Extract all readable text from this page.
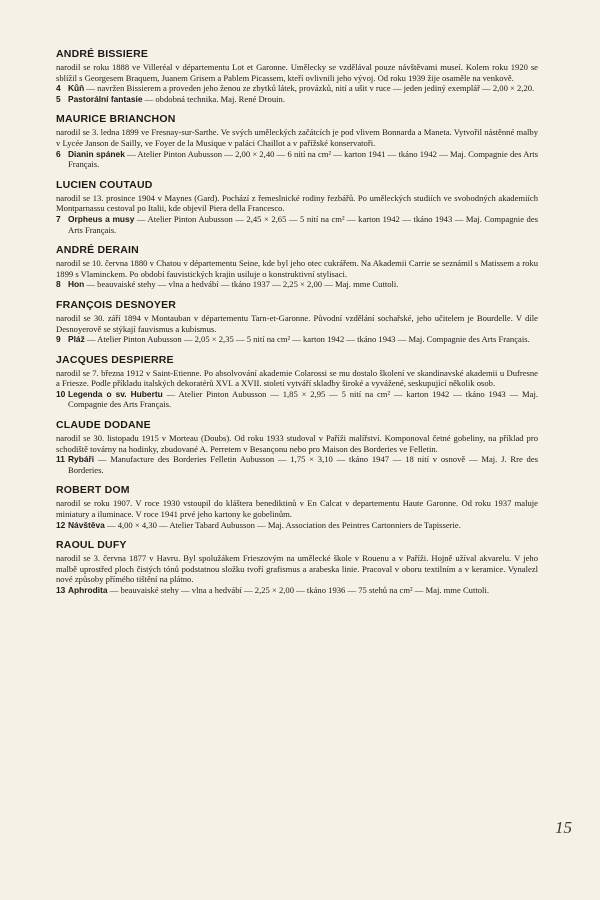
ANDRÉ BISSIERE

narodil se roku 1888 ve Villeréal v départementu Lot et Garonne. Umělecky se vzdělával pouze návštěvami museí. Kolem roku 1920 se sblížil s Georgesem Braquem, Juanem Grisem a Pablem Picassem, kteří ovlivnili jeho vývoj. Od roku 1939 žije osaměle na venkově.

4 Kůň — navržen Bissierem a proveden jeho ženou ze zbytků látek, provázků, nití a ušit v ruce — jeden jediný exemplář — 2,00 × 2,20.
5 Pastorální fantasie — obdobná technika. Maj. René Drouin.
MAURICE BRIANCHON

narodil se 3. ledna 1899 ve Fresnay-sur-Sarthe. Ve svých uměleckých začátcích je pod vlivem Bonnarda a Maneta. Vytvořil nástěnné malby v Lycée Janson de Sailly, ve Foyer de la Musique v paláci Chaillot a v pařížské konservatoři.

6 Dianin spánek — Atelier Pinton Aubusson — 2,00 × 2,40 — 6 nití na cm² — karton 1941 — tkáno 1942 — Maj. Compagnie des Arts Français.
LUCIEN COUTAUD

narodil se 13. prosince 1904 v Maynes (Gard). Pochází z řemeslnické rodiny řezbářů. Po uměleckých studiích ve svobodných akademiích Montparnassu cestoval po Italii, kde objevil Piera della Francesco.

7 Orpheus a musy — Atelier Pinton Aubusson — 2,45 × 2,65 — 5 nití na cm² — karton 1942 — tkáno 1943 — Maj. Compagnie des Arts Français.
ANDRÉ DERAIN

narodil se 10. června 1880 v Chatou v départementu Seine, kde byl jeho otec cukrářem. Na Akademii Carrie se seznámil s Matissem a roku 1899 s Vlaminckem. Po období fauvistických krajin usiluje o konstruktivní stylisaci.

8 Hon — beauvaiské stehy — vlna a hedvábí — tkáno 1937 — 2,25 × 2,00 — Maj. mme Cuttoli.
FRANÇOIS DESNOYER

narodil se 30. září 1894 v Montauban v départementu Tarn-et-Garonne. Původní vzdělání sochařské, jeho učitelem je Bourdelle. V díle Desnoyerově se stýkají fauvismus a kubismus.

9 Pláž — Atelier Pinton Aubusson — 2,05 × 2,35 — 5 nití na cm² — karton 1942 — tkáno 1943 — Maj. Compagnie des Arts Français.
JACQUES DESPIERRE

narodil se 7. března 1912 v Saint-Etienne. Po absolvování akademie Colarossi se mu dostalo školení ve skandinavské akademii u Dufresne a Friesze. Podle příkladu italských dekoratérů XVI. a XVII. století vytváří skladby široké a vyvážené, seskupující několik osob.

10 Legenda o sv. Hubertu — Atelier Pinton Aubusson — 1,85 × 2,95 — 5 nití na cm² — karton 1942 — tkáno 1943 — Maj. Compagnie des Arts Français.
CLAUDE DODANE

narodil se 30. listopadu 1915 v Morteau (Doubs). Od roku 1933 studoval v Paříži malířství. Komponoval četné gobeliny, na příklad pro schodiště továrny na hodinky, zbudované A. Perretem v Besançonu nebo pro Maison des Borderies ve Felletin.

11 Rybáři — Manufacture des Borderies Felletin Aubusson — 1,75 × 3,10 — tkáno 1947 — 18 nití v osnově — Maj. J. Rre des Borderies.
ROBERT DOM

narodil se roku 1907. V roce 1930 vstoupil do kláštera benediktinů v En Calcat v departementu Haute Garonne. Od roku 1937 maluje miniatury a iluminace. V roce 1941 prvé jeho kartony ke gobelinům.

12 Návštěva — 4,00 × 4,30 — Atelier Tabard Aubusson — Maj. Association des Peintres Cartonniers de Tapisserie.
RAOUL DUFY

narodil se 3. června 1877 v Havru. Byl spolužákem Frieszovým na umělecké škole v Rouenu a v Paříži. Hojně užíval akvarelu. V jeho malbě uprostřed ploch čistých tónů podstatnou složku tvoří grafismus a arabeska linie. Pracoval v oboru textilním a v keramice. Vynalezl nové způsoby přímého tištění na plátno.

13 Aphrodita — beauvaiské stehy — vlna a hedvábí — 2,25 × 2,00 — tkáno 1936 — 75 stehů na cm² — Maj. mme Cuttoli.
15
